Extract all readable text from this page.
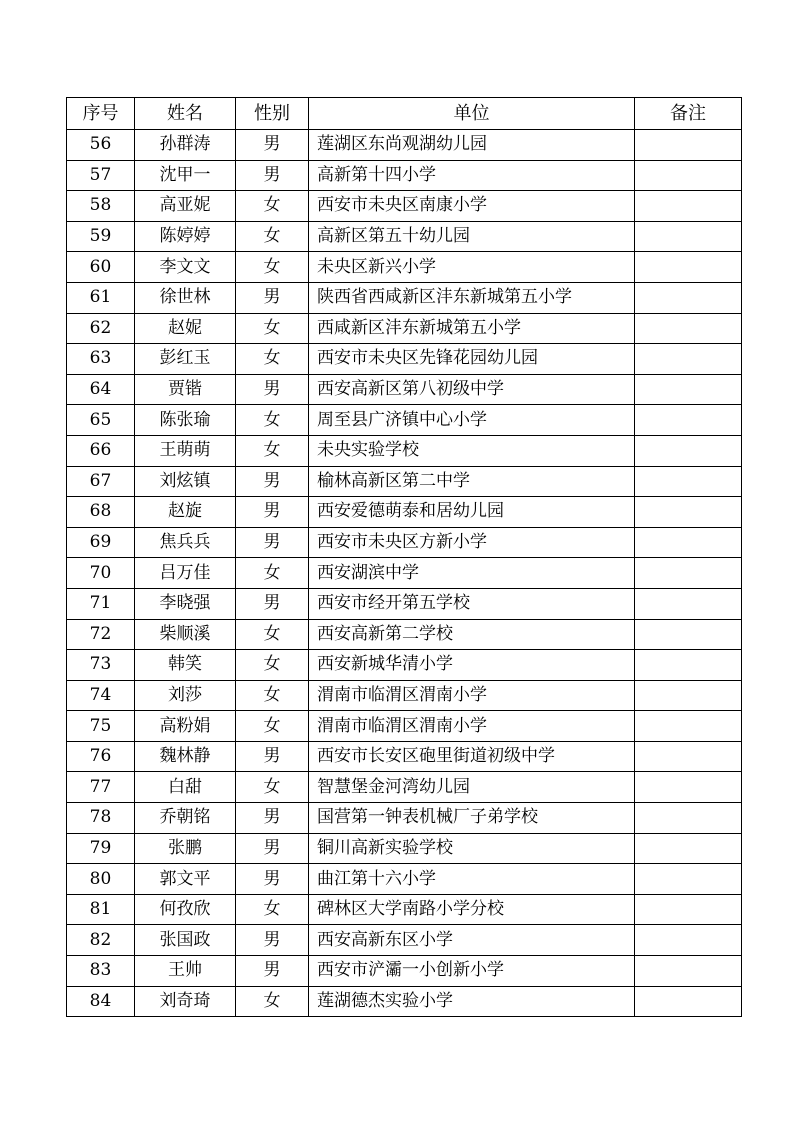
序号	姓名	性别	单位	备注
56	孙群涛	男	莲湖区东尚观湖幼儿园	
57	沈甲一	男	高新第十四小学	
58	高亚妮	女	西安市未央区南康小学	
59	陈婷婷	女	高新区第五十幼儿园	
60	李文文	女	未央区新兴小学	
61	徐世林	男	陕西省西咸新区沣东新城第五小学	
62	赵妮	女	西咸新区沣东新城第五小学	
63	彭红玉	女	西安市未央区先锋花园幼儿园	
64	贾锴	男	西安高新区第八初级中学	
65	陈张瑜	女	周至县广济镇中心小学	
66	王萌萌	女	未央实验学校	
67	刘炫镇	男	榆林高新区第二中学	
68	赵旋	男	西安爱德萌泰和居幼儿园	
69	焦兵兵	男	西安市未央区方新小学	
70	吕万佳	女	西安湖滨中学	
71	李晓强	男	西安市经开第五学校	
72	柴顺溪	女	西安高新第二学校	
73	韩笑	女	西安新城华清小学	
74	刘莎	女	渭南市临渭区渭南小学	
75	高粉娟	女	渭南市临渭区渭南小学	
76	魏林静	男	西安市长安区砲里街道初级中学	
77	白甜	女	智慧堡金河湾幼儿园	
78	乔朝铭	男	国营第一钟表机械厂子弟学校	
79	张鹏	男	铜川高新实验学校	
80	郭文平	男	曲江第十六小学	
81	何孜欣	女	碑林区大学南路小学分校	
82	张国政	男	西安高新东区小学	
83	王帅	男	西安市浐灞一小创新小学	
84	刘奇琦	女	莲湖德杰实验小学	
